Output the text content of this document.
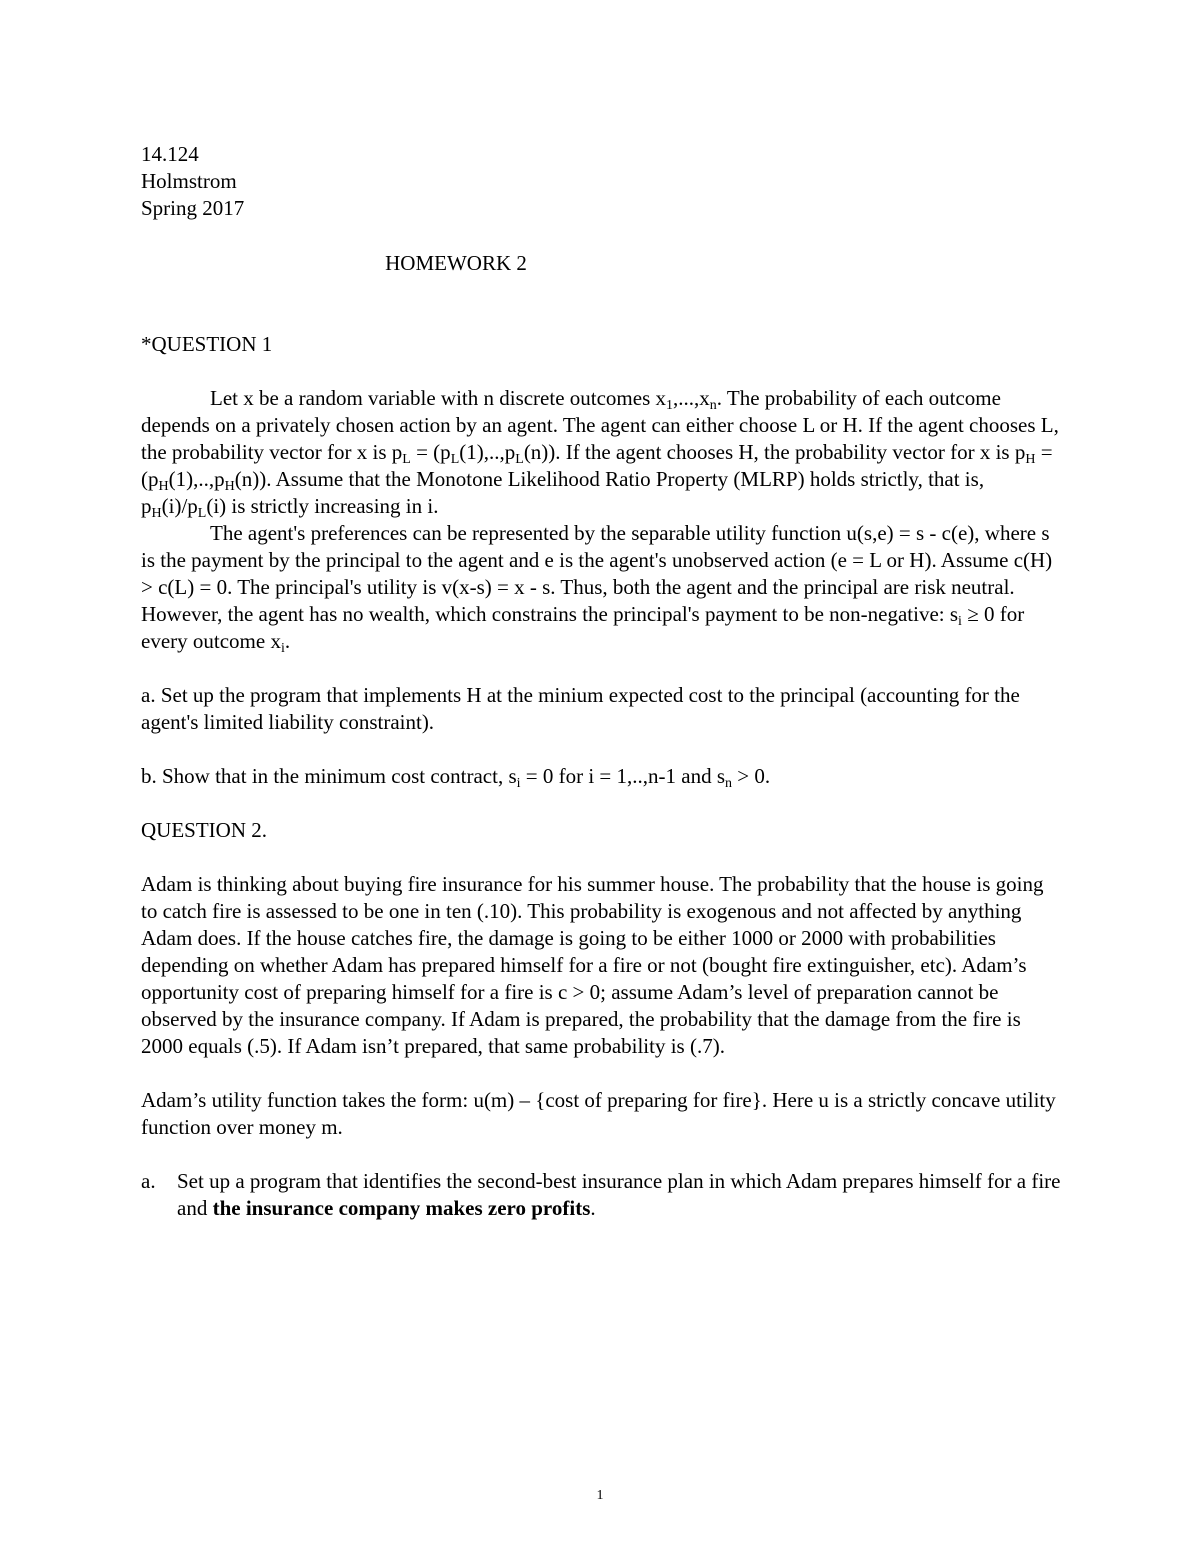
14.124
Holmstrom
Spring 2017

HOMEWORK 2

*QUESTION 1

Let x be a random variable with n discrete outcomes $x_1,...,x_n$. The probability of each outcome depends on a privately chosen action by an agent. The agent can either choose L or H. If the agent chooses L, the probability vector for x is $p_L = (p_L(1),..,p_L(n))$. If the agent chooses H, the probability vector for x is $p_H = (p_H(1),..,p_H(n))$. Assume that the Monotone Likelihood Ratio Property (MLRP) holds strictly, that is, $p_H(i)/p_L(i)$ is strictly increasing in i.

The agent's preferences can be represented by the separable utility function u(s,e) = s - c(e), where s is the payment by the principal to the agent and e is the agent's unobserved action (e = L or H). Assume c(H) > c(L) = 0. The principal's utility is v(x-s) = x - s. Thus, both the agent and the principal are risk neutral. However, the agent has no wealth, which constrains the principal's payment to be non-negative: $s_i \ge 0$ for every outcome $x_i$.

a. Set up the program that implements H at the minium expected cost to the principal (accounting for the agent's limited liability constraint).

b. Show that in the minimum cost contract, $s_i = 0$ for i = 1,..,n-1 and $s_n > 0$.

QUESTION 2.

Adam is thinking about buying fire insurance for his summer house. The probability that the house is going to catch fire is assessed to be one in ten (.10). This probability is exogenous and not affected by anything Adam does. If the house catches fire, the damage is going to be either 1000 or 2000 with probabilities depending on whether Adam has prepared himself for a fire or not (bought fire extinguisher, etc). Adam’s opportunity cost of preparing himself for a fire is c > 0; assume Adam’s level of preparation cannot be observed by the insurance company. If Adam is prepared, the probability that the damage from the fire is 2000 equals (.5). If Adam isn’t prepared, that same probability is (.7).

Adam’s utility function takes the form: u(m) – {cost of preparing for fire}. Here u is a strictly concave utility function over money m.

a.	Set up a program that identifies the second-best insurance plan in which Adam prepares himself for a fire and the insurance company makes zero profits.
1
